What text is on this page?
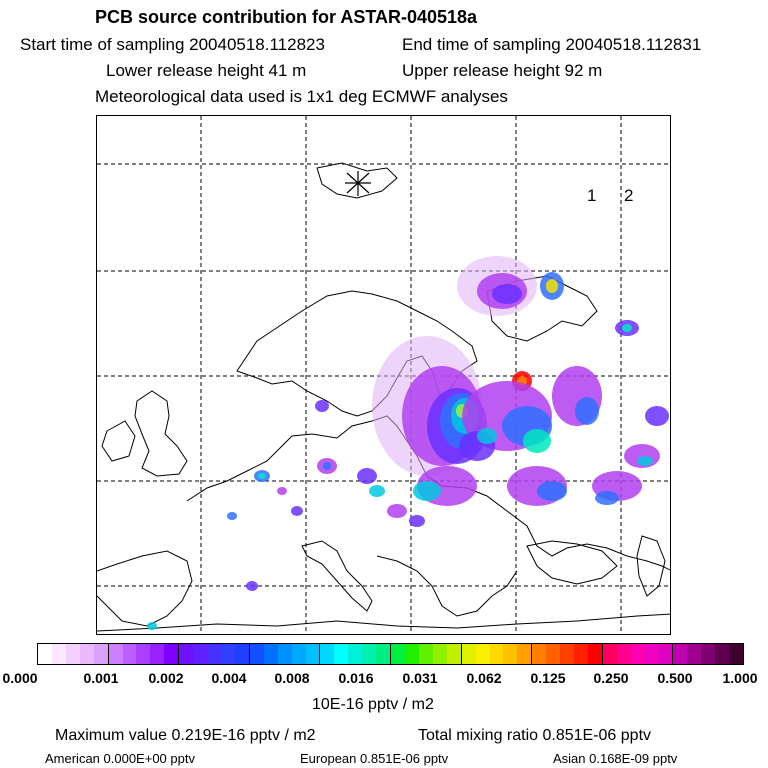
PCB source contribution for ASTAR-040518a
Start time of sampling 20040518.112823	End time of sampling 20040518.112831
Lower release height 41 m	Upper release height 92 m
Meteorological data used is 1x1 deg ECMWF analyses
1 2
0.000	0.001 0.002 0.004 0.008 0.016 0.031 0.062 0.125 0.250 0.500 1.000
10E-16 pptv / m2
Maximum value 0.219E-16 pptv / m2	Total mixing ratio 0.851E-06 pptv
American 0.000E+00 pptv	European 0.851E-06 pptv	Asian 0.168E-09 pptv
